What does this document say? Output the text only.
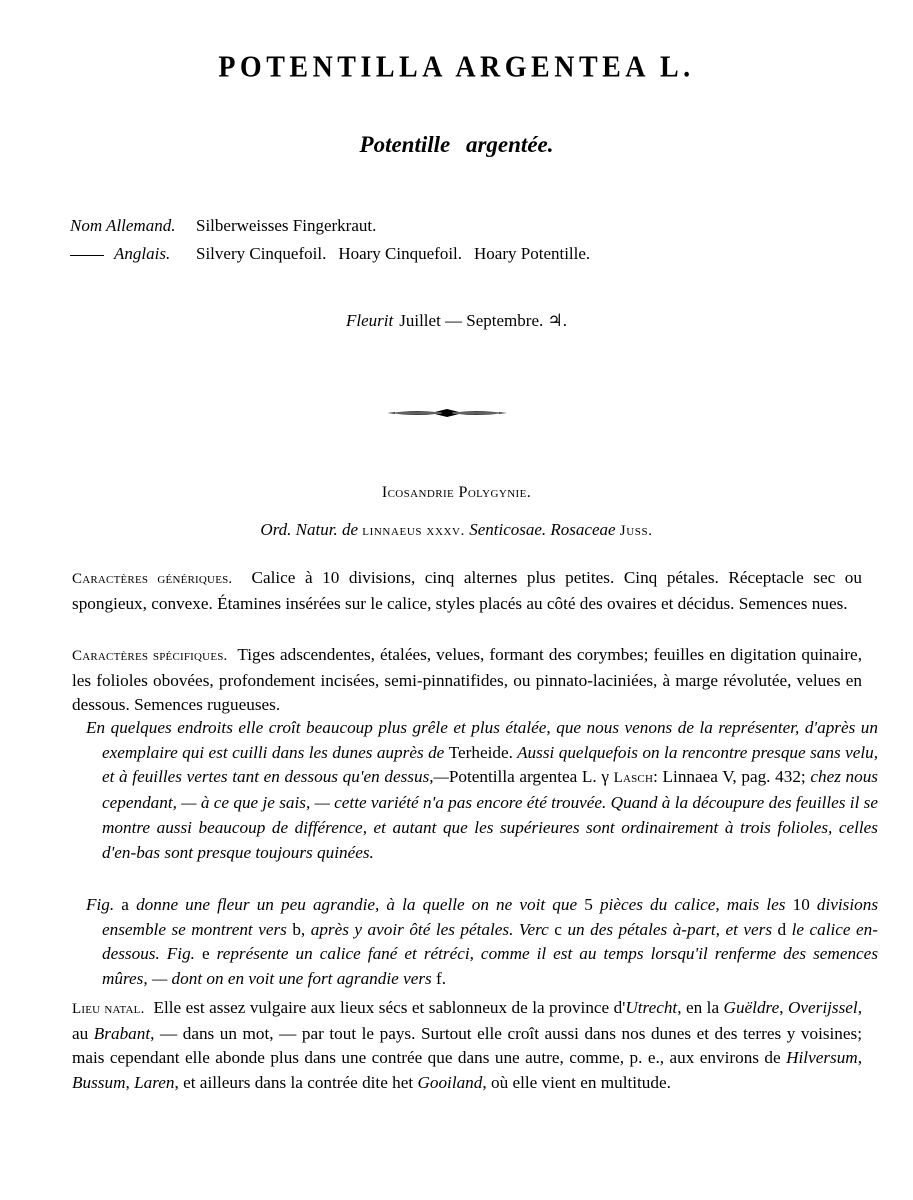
POTENTILLA ARGENTEA L.
Potentille argentée.
Nom Allemand. Silberweisses Fingerkraut.
Anglais. Silvery Cinquefoil. Hoary Cinquefoil. Hoary Potentille.
Fleurit Juillet — Septembre. ♃.
Icosandrie Polygynie.
Ord. Natur. de linnaeus xxxv. Senticosae. Rosaceae Juss.
Caractères génériques. Calice à 10 divisions, cinq alternes plus petites. Cinq pétales. Réceptacle sec ou spongieux, convexe. Étamines insérées sur le calice, styles placés au côté des ovaires et décidus. Semences nues.
Caractères spécifiques. Tiges adscendentes, étalées, velues, formant des corymbes; feuilles en digitation quinaire, les folioles obovées, profondement incisées, semi-pinnatifides, ou pinnato-laciniées, à marge révolutée, velues en dessous. Semences rugueuses.
En quelques endroits elle croît beaucoup plus grêle et plus étalée, que nous venons de la représenter, d'après un exemplaire qui est cuilli dans les dunes auprès de Terheide. Aussi quelquefois on la rencontre presque sans velu, et à feuilles vertes tant en dessous qu'en dessus,—Potentilla argentea L. γ Lasch: Linnaea V, pag. 432; chez nous cependant, — à ce que je sais, — cette variété n'a pas encore été trouvée. Quand à la découpure des feuilles il se montre aussi beaucoup de différence, et autant que les supérieures sont ordinairement à trois folioles, celles d'en-bas sont presque toujours quinées.
Fig. a donne une fleur un peu agrandie, à la quelle on ne voit que 5 pièces du calice, mais les 10 divisions ensemble se montrent vers b, après y avoir ôté les pétales. Verc c un des pétales à-part, et vers d le calice en-dessous. Fig. e représente un calice fané et rétréci, comme il est au temps lorsqu'il renferme des semences mûres, — dont on en voit une fort agrandie vers f.
Lieu natal. Elle est assez vulgaire aux lieux sécs et sablonneux de la province d'Utrecht, en la Guëldre, Overijssel, au Brabant, — dans un mot, — par tout le pays. Surtout elle croît aussi dans nos dunes et des terres y voisines; mais cependant elle abonde plus dans une contrée que dans une autre, comme, p. e., aux environs de Hilversum, Bussum, Laren, et ailleurs dans la contrée dite het Gooiland, où elle vient en multitude.
